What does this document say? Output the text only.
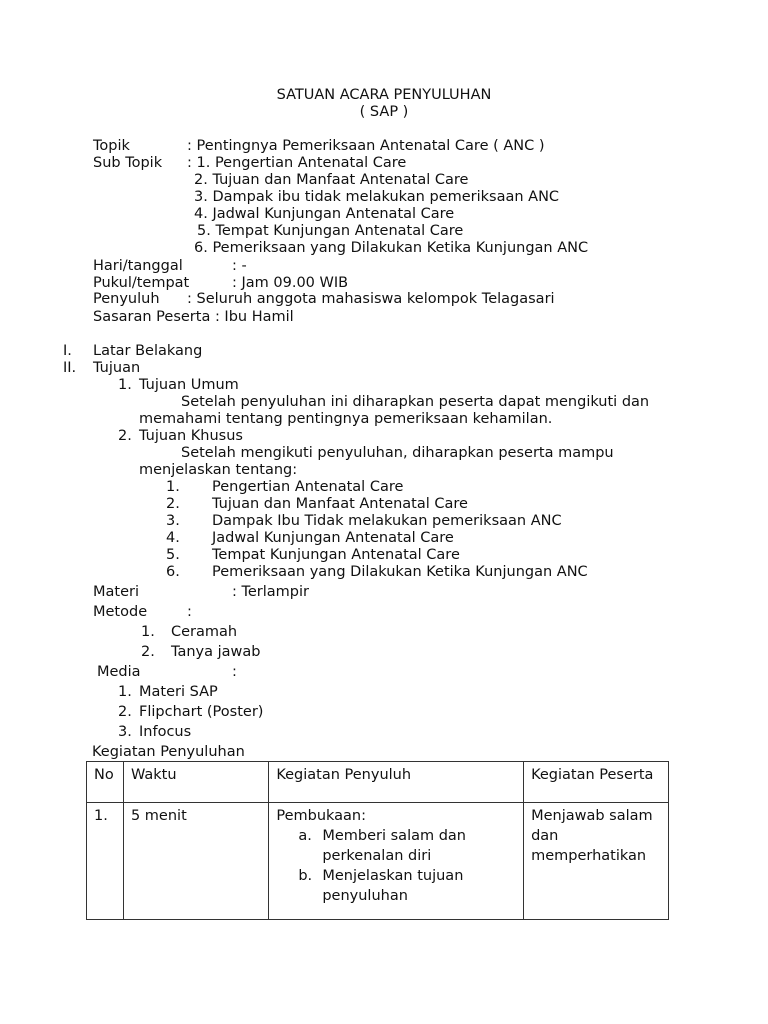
SATUAN ACARA PENYULUHAN
( SAP )
Topik	: Pentingnya Pemeriksaan Antenatal Care ( ANC )
Sub Topik : 1. Pengertian Antenatal Care
2. Tujuan dan Manfaat Antenatal Care
3. Dampak ibu tidak melakukan pemeriksaan ANC
4. Jadwal Kunjungan Antenatal Care
5. Tempat Kunjungan Antenatal Care
6. Pemeriksaan yang Dilakukan Ketika Kunjungan ANC
Hari/tanggal	: -
Pukul/tempat	: Jam 09.00 WIB
Penyuluh : Seluruh anggota mahasiswa kelompok Telagasari
Sasaran Peserta : Ibu Hamil
I. Latar Belakang
II. Tujuan
1. Tujuan Umum
Setelah penyuluhan ini diharapkan peserta dapat mengikuti dan
memahami tentang pentingnya pemeriksaan kehamilan.
2. Tujuan Khusus
Setelah mengikuti penyuluhan, diharapkan peserta mampu
menjelaskan tentang:
1. Pengertian Antenatal Care
2. Tujuan dan Manfaat Antenatal Care
3. Dampak Ibu Tidak melakukan pemeriksaan ANC
4. Jadwal Kunjungan Antenatal Care
5. Tempat Kunjungan Antenatal Care
6. Pemeriksaan yang Dilakukan Ketika Kunjungan ANC
Materi	: Terlampir
Metode	:
1. Ceramah
2. Tanya jawab
Media	:
1. Materi SAP
2. Flipchart (Poster)
3. Infocus
Kegiatan Penyuluhan
No	Waktu	Kegiatan Penyuluh	Kegiatan Peserta
1.	5 menit	Pembukaan:
a. Memberi salam dan perkenalan diri
b. Menjelaskan tujuan penyuluhan	Menjawab salam dan memperhatikan
